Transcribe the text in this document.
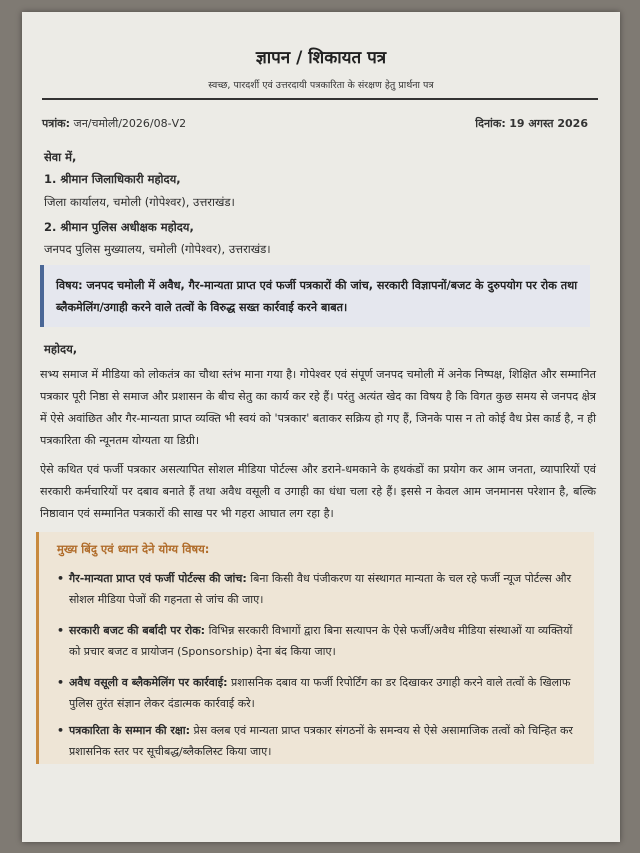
ज्ञापन / शिकायत पत्र
स्वच्छ, पारदर्शी एवं उत्तरदायी पत्रकारिता के संरक्षण हेतु प्रार्थना पत्र
पत्रांक: जन/चमोली/2026/08-V2	दिनांक: 19 अगस्त 2026
सेवा में,
1. श्रीमान जिलाधिकारी महोदय,
जिला कार्यालय, चमोली (गोपेश्वर), उत्तराखंड।
2. श्रीमान पुलिस अधीक्षक महोदय,
जनपद पुलिस मुख्यालय, चमोली (गोपेश्वर), उत्तराखंड।
विषय: जनपद चमोली में अवैध, गैर-मान्यता प्राप्त एवं फर्जी पत्रकारों की जांच, सरकारी विज्ञापनों/बजट के दुरुपयोग पर रोक तथा ब्लैकमेलिंग/उगाही करने वाले तत्वों के विरुद्ध सख्त कार्रवाई करने बाबत।
महोदय,
सभ्य समाज में मीडिया को लोकतंत्र का चौथा स्तंभ माना गया है। गोपेश्वर एवं संपूर्ण जनपद चमोली में अनेक निष्पक्ष, शिक्षित और सम्मानित पत्रकार पूरी निष्ठा से समाज और प्रशासन के बीच सेतु का कार्य कर रहे हैं। परंतु अत्यंत खेद का विषय है कि विगत कुछ समय से जनपद क्षेत्र में ऐसे अवांछित और गैर-मान्यता प्राप्त व्यक्ति भी स्वयं को 'पत्रकार' बताकर सक्रिय हो गए हैं, जिनके पास न तो कोई वैध प्रेस कार्ड है, न ही पत्रकारिता की न्यूनतम योग्यता या डिग्री।
ऐसे कथित एवं फर्जी पत्रकार असत्यापित सोशल मीडिया पोर्टल्स और डराने-धमकाने के हथकंडों का प्रयोग कर आम जनता, व्यापारियों एवं सरकारी कर्मचारियों पर दबाव बनाते हैं तथा अवैध वसूली व उगाही का धंधा चला रहे हैं। इससे न केवल आम जनमानस परेशान है, बल्कि निष्ठावान एवं सम्मानित पत्रकारों की साख पर भी गहरा आघात लग रहा है।
मुख्य बिंदु एवं ध्यान देने योग्य विषय:
• गैर-मान्यता प्राप्त एवं फर्जी पोर्टल्स की जांच: बिना किसी वैध पंजीकरण या संस्थागत मान्यता के चल रहे फर्जी न्यूज पोर्टल्स और सोशल मीडिया पेजों की गहनता से जांच की जाए।
• सरकारी बजट की बर्बादी पर रोक: विभिन्न सरकारी विभागों द्वारा बिना सत्यापन के ऐसे फर्जी/अवैध मीडिया संस्थाओं या व्यक्तियों को प्रचार बजट व प्रायोजन (Sponsorship) देना बंद किया जाए।
• अवैध वसूली व ब्लैकमेलिंग पर कार्रवाई: प्रशासनिक दबाव या फर्जी रिपोर्टिंग का डर दिखाकर उगाही करने वाले तत्वों के खिलाफ पुलिस तुरंत संज्ञान लेकर दंडात्मक कार्रवाई करे।
• पत्रकारिता के सम्मान की रक्षा: प्रेस क्लब एवं मान्यता प्राप्त पत्रकार संगठनों के समन्वय से ऐसे असामाजिक तत्वों को चिन्हित कर प्रशासनिक स्तर पर सूचीबद्ध/ब्लैकलिस्ट किया जाए।
